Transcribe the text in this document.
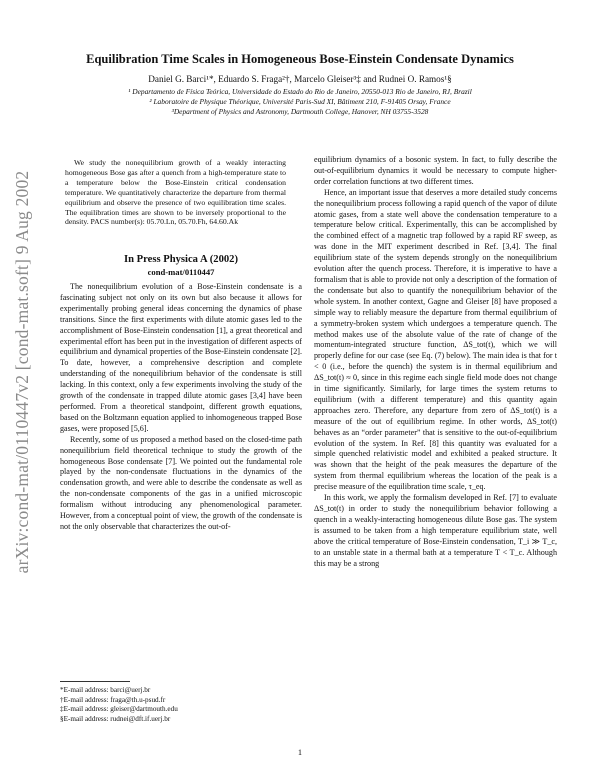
arXiv:cond-mat/0110447v2 [cond-mat.soft] 9 Aug 2002
Equilibration Time Scales in Homogeneous Bose-Einstein Condensate Dynamics
Daniel G. Barci¹*, Eduardo S. Fraga²†, Marcelo Gleiser³‡ and Rudnei O. Ramos¹§
¹ Departamento de Física Teórica, Universidade do Estado do Rio de Janeiro, 20550-013 Rio de Janeiro, RJ, Brazil
² Laboratoire de Physique Théorique, Université Paris-Sud XI, Bâtiment 210, F-91405 Orsay, France
³Department of Physics and Astronomy, Dartmouth College, Hanover, NH 03755-3528
We study the nonequilibrium growth of a weakly interacting homogeneous Bose gas after a quench from a high-temperature state to a temperature below the Bose-Einstein critical condensation temperature. We quantitatively characterize the departure from thermal equilibrium and observe the presence of two equilibration time scales. The equilibration times are shown to be inversely proportional to the density. PACS number(s): 05.70.Ln, 05.70.Fh, 64.60.Ak
In Press Physica A (2002)
cond-mat/0110447

The nonequilibrium evolution of a Bose-Einstein condensate is a fascinating subject not only on its own but also because it allows for experimentally probing general ideas concerning the dynamics of phase transitions. Since the first experiments with dilute atomic gases led to the accomplishment of Bose-Einstein condensation [1], a great theoretical and experimental effort has been put in the investigation of different aspects of equilibrium and dynamical properties of the Bose-Einstein condensate [2]. To date, however, a comprehensive description and complete understanding of the nonequilibrium behavior of the condensate is still lacking. In this context, only a few experiments involving the study of the growth of the condensate in trapped dilute atomic gases [3,4] have been performed. From a theoretical standpoint, different growth equations, based on the Boltzmann equation applied to inhomogeneous trapped Bose gases, were proposed [5,6].

Recently, some of us proposed a method based on the closed-time path nonequilibrium field theoretical technique to study the growth of the homogeneous Bose condensate [7]. We pointed out the fundamental role played by the non-condensate fluctuations in the dynamics of the condensation growth, and were able to describe the condensate as well as the non-condensate components of the gas in a unified microscopic formalism without introducing any phenomenological parameter. However, from a conceptual point of view, the growth of the condensate is not the only observable that characterizes the out-of-

equilibrium dynamics of a bosonic system. In fact, to fully describe the out-of-equilibrium dynamics it would be necessary to compute higher-order correlation functions at two different times.

Hence, an important issue that deserves a more detailed study concerns the nonequilibrium process following a rapid quench of the vapor of dilute atomic gases, from a state well above the condensation temperature to a temperature below critical. Experimentally, this can be accomplished by the combined effect of a magnetic trap followed by a rapid RF sweep, as was done in the MIT experiment described in Ref. [3,4]. The final equilibrium state of the system depends strongly on the nonequilibrium evolution after the quench process. Therefore, it is imperative to have a formalism that is able to provide not only a description of the formation of the condensate but also to quantify the nonequilibrium behavior of the whole system. In another context, Gagne and Gleiser [8] have proposed a simple way to reliably measure the departure from thermal equilibrium of a symmetry-broken system which undergoes a temperature quench. The method makes use of the absolute value of the rate of change of the momentum-integrated structure function, ΔS_tot(t), which we will properly define for our case (see Eq. (7) below). The main idea is that for t < 0 (i.e., before the quench) the system is in thermal equilibrium and ΔS_tot(t) ≈ 0, since in this regime each single field mode does not change in time significantly. Similarly, for large times the system returns to equilibrium (with a different temperature) and this quantity again approaches zero. Therefore, any departure from zero of ΔS_tot(t) is a measure of the out of equilibrium regime. In other words, ΔS_tot(t) behaves as an “order parameter” that is sensitive to the out-of-equilibrium evolution of the system. In Ref. [8] this quantity was evaluated for a simple quenched relativistic model and exhibited a peaked structure. It was shown that the height of the peak measures the departure of the system from thermal equilibrium whereas the location of the peak is a precise measure of the equilibration time scale, τ_eq.

In this work, we apply the formalism developed in Ref. [7] to evaluate ΔS_tot(t) in order to study the nonequilibrium behavior following a quench in a weakly-interacting homogeneous dilute Bose gas. The system is assumed to be taken from a high temperature equilibrium state, well above the critical temperature of Bose-Einstein condensation, T_i ≫ T_c, to an unstable state in a thermal bath at a temperature T < T_c. Although this may be a strong

*E-mail address: barci@uerj.br
†E-mail address: fraga@th.u-psud.fr
‡E-mail address: gleiser@dartmouth.edu
§E-mail address: rudnei@dft.if.uerj.br
1
